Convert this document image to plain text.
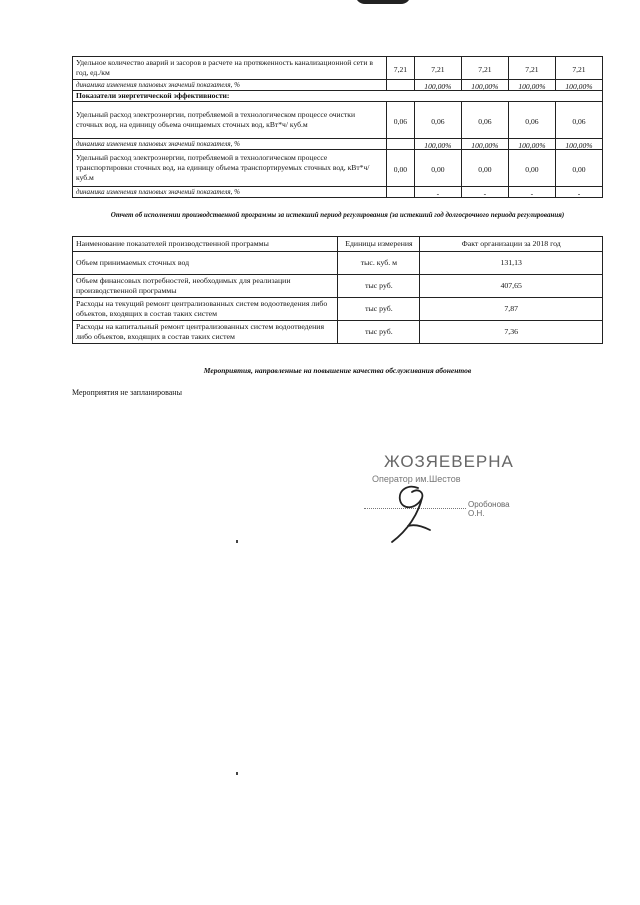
Удельное количество аварий и засоров в расчете на протяженность канализационной сети в год, ед./км	7,21	7,21	7,21	7,21	7,21
динамика изменения плановых значений показателя, %		100,00%	100,00%	100,00%	100,00%
Показатели энергетической эффективности:					
Удельный расход электроэнергии, потребляемой в технологическом процессе очистки сточных вод, на единицу объема очищаемых сточных вод, кВт*ч/ куб.м	0,06	0,06	0,06	0,06	0,06
динамика изменения плановых значений показателя, %		100,00%	100,00%	100,00%	100,00%
Удельный расход электроэнергии, потребляемой в технологическом процессе транспортировки сточных вод, на единицу объема транспортируемых сточных вод, кВт*ч/ куб.м	0,00	0,00	0,00	0,00	0,00
динамика изменения плановых значений показателя, %		-	-	-	-
Отчет об исполнении производственной программы за истекший период регулирования (за истекший год долгосрочного периода регулирования)
Наименование показателей производственной программы	Единицы измерения	Факт организации за 2018 год
Объем принимаемых сточных вод	тыс. куб. м	131,13
Объем финансовых потребностей, необходимых для реализации производственной программы	тыс руб.	407,65
Расходы на текущий ремонт централизованных систем водоотведения либо объектов, входящих в состав таких систем	тыс руб.	7,87
Расходы на капитальный ремонт централизованных систем водоотведения либо объектов, входящих в состав таких систем	тыс руб.	7,36
Мероприятия, направленные на повышение качества обслуживания абонентов
Мероприятия не запланированы
ЖОЗЯЕВЕРНА
Оператор им.Шестов
Оробонова О.Н.
